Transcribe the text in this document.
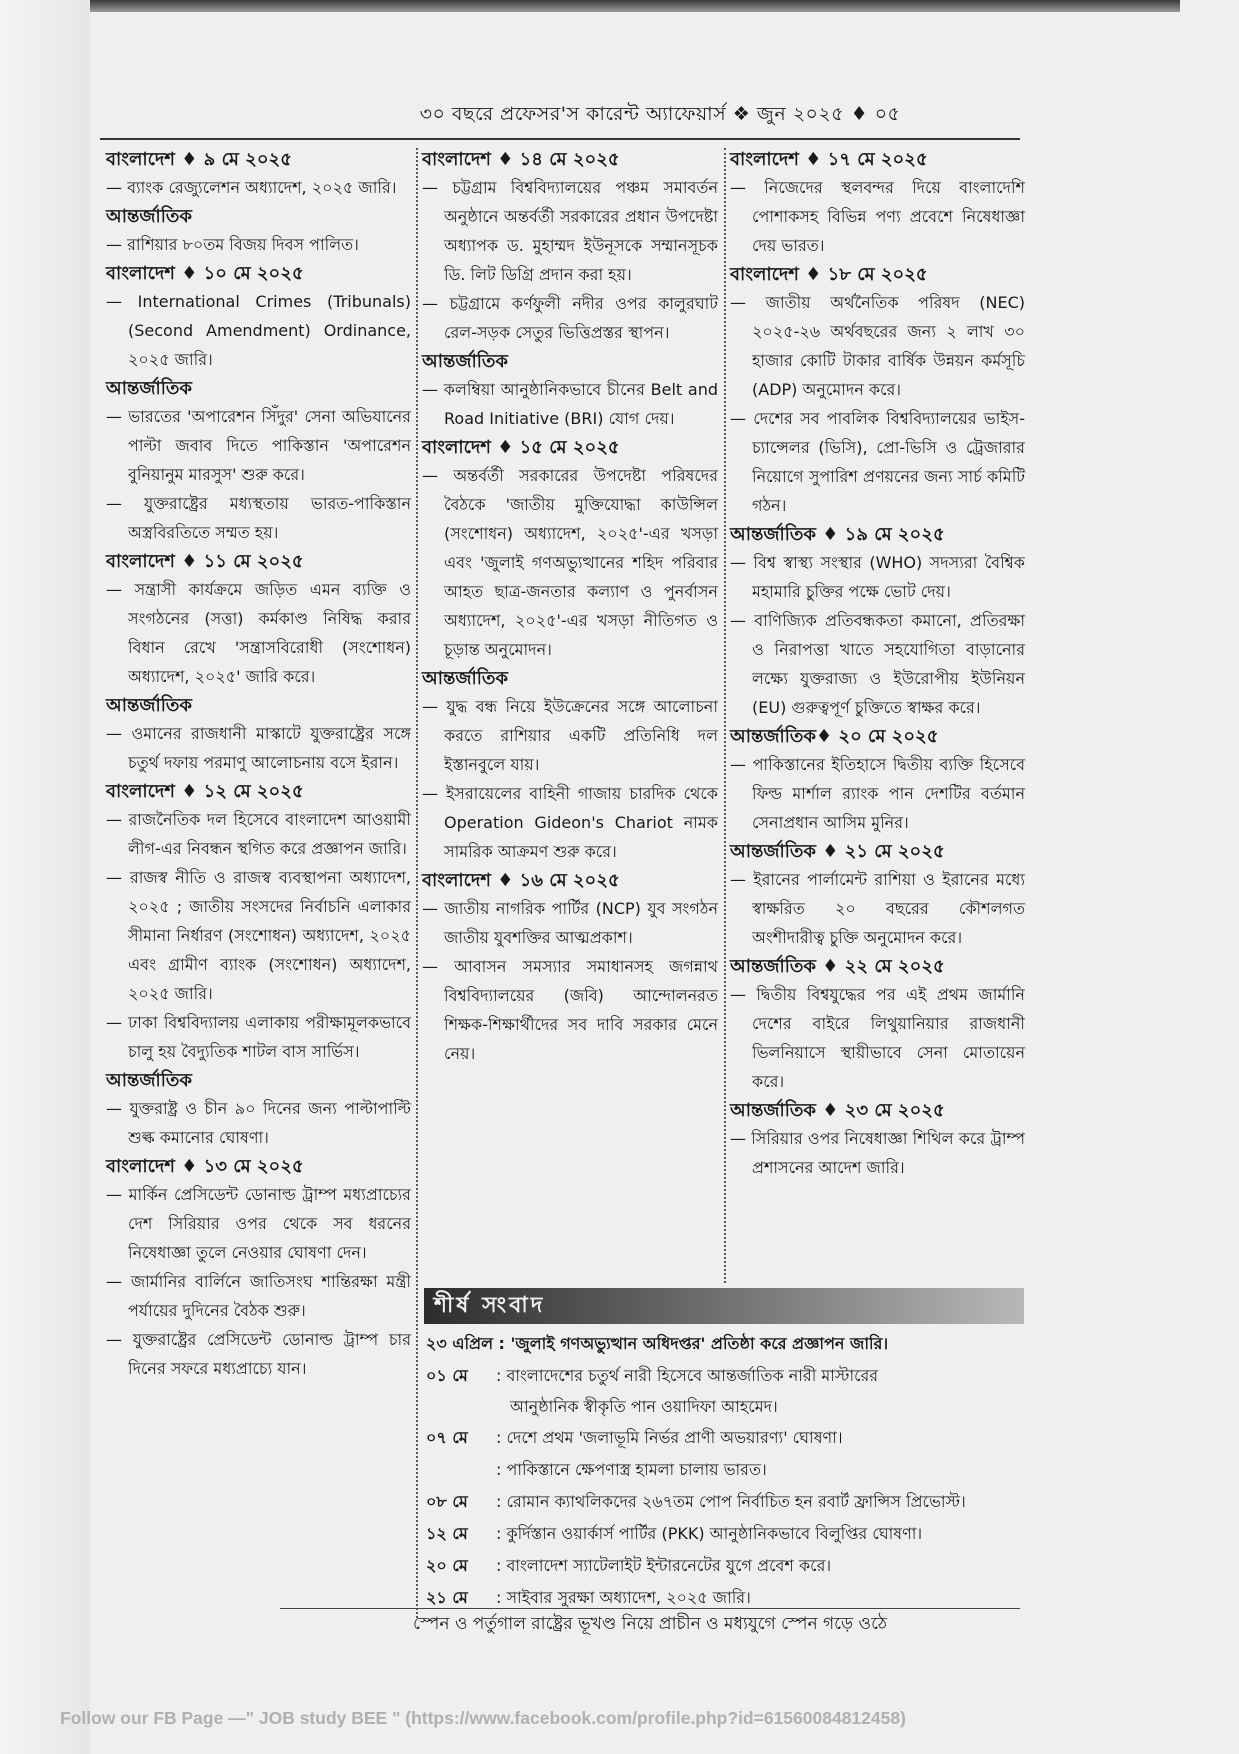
৩০ বছরে প্রফেসর'স কারেন্ট অ্যাফেয়ার্স ❖ জুন ২০২৫ ♦ ০৫
বাংলাদেশ ♦ ৯ মে ২০২৫
— ব্যাংক রেজ্যুলেশন অধ্যাদেশ, ২০২৫ জারি।
আন্তর্জাতিক
— রাশিয়ার ৮০তম বিজয় দিবস পালিত।
বাংলাদেশ ♦ ১০ মে ২০২৫
— International Crimes (Tribunals) (Second Amendment) Ordinance, ২০২৫ জারি।
আন্তর্জাতিক
— ভারতের 'অপারেশন সিঁদুর' সেনা অভিযানের পাল্টা জবাব দিতে পাকিস্তান 'অপারেশন বুনিয়ানুম মারসুস' শুরু করে।
— যুক্তরাষ্ট্রের মধ্যস্থতায় ভারত-পাকিস্তান অস্ত্রবিরতিতে সম্মত হয়।
বাংলাদেশ ♦ ১১ মে ২০২৫
— সন্ত্রাসী কার্যক্রমে জড়িত এমন ব্যক্তি ও সংগঠনের (সত্তা) কর্মকাণ্ড নিষিদ্ধ করার বিধান রেখে 'সন্ত্রাসবিরোধী (সংশোধন) অধ্যাদেশ, ২০২৫' জারি করে।
আন্তর্জাতিক
— ওমানের রাজধানী মাস্কাটে যুক্তরাষ্ট্রের সঙ্গে চতুর্থ দফায় পরমাণু আলোচনায় বসে ইরান।
বাংলাদেশ ♦ ১২ মে ২০২৫
— রাজনৈতিক দল হিসেবে বাংলাদেশ আওয়ামী লীগ-এর নিবন্ধন স্থগিত করে প্রজ্ঞাপন জারি।
— রাজস্ব নীতি ও রাজস্ব ব্যবস্থাপনা অধ্যাদেশ, ২০২৫ ; জাতীয় সংসদের নির্বাচনি এলাকার সীমানা নির্ধারণ (সংশোধন) অধ্যাদেশ, ২০২৫ এবং গ্রামীণ ব্যাংক (সংশোধন) অধ্যাদেশ, ২০২৫ জারি।
— ঢাকা বিশ্ববিদ্যালয় এলাকায় পরীক্ষামূলকভাবে চালু হয় বৈদ্যুতিক শাটল বাস সার্ভিস।
আন্তর্জাতিক
— যুক্তরাষ্ট্র ও চীন ৯০ দিনের জন্য পাল্টাপাল্টি শুল্ক কমানোর ঘোষণা।
বাংলাদেশ ♦ ১৩ মে ২০২৫
— মার্কিন প্রেসিডেন্ট ডোনাল্ড ট্রাম্প মধ্যপ্রাচ্যের দেশ সিরিয়ার ওপর থেকে সব ধরনের নিষেধাজ্ঞা তুলে নেওয়ার ঘোষণা দেন।
— জার্মানির বার্লিনে জাতিসংঘ শান্তিরক্ষা মন্ত্রী পর্যায়ের দুদিনের বৈঠক শুরু।
— যুক্তরাষ্ট্রের প্রেসিডেন্ট ডোনাল্ড ট্রাম্প চার দিনের সফরে মধ্যপ্রাচ্যে যান।
বাংলাদেশ ♦ ১৪ মে ২০২৫
— চট্টগ্রাম বিশ্ববিদ্যালয়ের পঞ্চম সমাবর্তন অনুষ্ঠানে অন্তর্বর্তী সরকারের প্রধান উপদেষ্টা অধ্যাপক ড. মুহাম্মদ ইউনূসকে সম্মানসূচক ডি. লিট ডিগ্রি প্রদান করা হয়।
— চট্টগ্রামে কর্ণফুলী নদীর ওপর কালুরঘাট রেল-সড়ক সেতুর ভিত্তিপ্রস্তর স্থাপন।
আন্তর্জাতিক
— কলম্বিয়া আনুষ্ঠানিকভাবে চীনের Belt and Road Initiative (BRI) যোগ দেয়।
বাংলাদেশ ♦ ১৫ মে ২০২৫
— অন্তর্বর্তী সরকারের উপদেষ্টা পরিষদের বৈঠকে 'জাতীয় মুক্তিযোদ্ধা কাউন্সিল (সংশোধন) অধ্যাদেশ, ২০২৫'-এর খসড়া এবং 'জুলাই গণঅভ্যুত্থানের শহিদ পরিবার আহত ছাত্র-জনতার কল্যাণ ও পুনর্বাসন অধ্যাদেশ, ২০২৫'-এর খসড়া নীতিগত ও চূড়ান্ত অনুমোদন।
আন্তর্জাতিক
— যুদ্ধ বন্ধ নিয়ে ইউক্রেনের সঙ্গে আলোচনা করতে রাশিয়ার একটি প্রতিনিধি দল ইস্তানবুলে যায়।
— ইসরায়েলের বাহিনী গাজায় চারদিক থেকে Operation Gideon's Chariot নামক সামরিক আক্রমণ শুরু করে।
বাংলাদেশ ♦ ১৬ মে ২০২৫
— জাতীয় নাগরিক পার্টির (NCP) যুব সংগঠন জাতীয় যুবশক্তির আত্মপ্রকাশ।
— আবাসন সমস্যার সমাধানসহ জগন্নাথ বিশ্ববিদ্যালয়ের (জবি) আন্দোলনরত শিক্ষক-শিক্ষার্থীদের সব দাবি সরকার মেনে নেয়।
বাংলাদেশ ♦ ১৭ মে ২০২৫
— নিজেদের স্থলবন্দর দিয়ে বাংলাদেশি পোশাকসহ বিভিন্ন পণ্য প্রবেশে নিষেধাজ্ঞা দেয় ভারত।
বাংলাদেশ ♦ ১৮ মে ২০২৫
— জাতীয় অর্থনৈতিক পরিষদ (NEC) ২০২৫-২৬ অর্থবছরের জন্য ২ লাখ ৩০ হাজার কোটি টাকার বার্ষিক উন্নয়ন কর্মসূচি (ADP) অনুমোদন করে।
— দেশের সব পাবলিক বিশ্ববিদ্যালয়ের ভাইস-চ্যান্সেলর (ভিসি), প্রো-ভিসি ও ট্রেজারার নিয়োগে সুপারিশ প্রণয়নের জন্য সার্চ কমিটি গঠন।
আন্তর্জাতিক ♦ ১৯ মে ২০২৫
— বিশ্ব স্বাস্থ্য সংস্থার (WHO) সদস্যরা বৈশ্বিক মহামারি চুক্তির পক্ষে ভোট দেয়।
— বাণিজ্যিক প্রতিবন্ধকতা কমানো, প্রতিরক্ষা ও নিরাপত্তা খাতে সহযোগিতা বাড়ানোর লক্ষ্যে যুক্তরাজ্য ও ইউরোপীয় ইউনিয়ন (EU) গুরুত্বপূর্ণ চুক্তিতে স্বাক্ষর করে।
আন্তর্জাতিক♦ ২০ মে ২০২৫
— পাকিস্তানের ইতিহাসে দ্বিতীয় ব্যক্তি হিসেবে ফিল্ড মার্শাল র‍্যাংক পান দেশটির বর্তমান সেনাপ্রধান আসিম মুনির।
আন্তর্জাতিক ♦ ২১ মে ২০২৫
— ইরানের পার্লামেন্ট রাশিয়া ও ইরানের মধ্যে স্বাক্ষরিত ২০ বছরের কৌশলগত অংশীদারীত্ব চুক্তি অনুমোদন করে।
আন্তর্জাতিক ♦ ২২ মে ২০২৫
— দ্বিতীয় বিশ্বযুদ্ধের পর এই প্রথম জার্মানি দেশের বাইরে লিথুয়ানিয়ার রাজধানী ভিলনিয়াসে স্থায়ীভাবে সেনা মোতায়েন করে।
আন্তর্জাতিক ♦ ২৩ মে ২০২৫
— সিরিয়ার ওপর নিষেধাজ্ঞা শিথিল করে ট্রাম্প প্রশাসনের আদেশ জারি।
শীর্ষ সংবাদ
২৩ এপ্রিল : 'জুলাই গণঅভ্যুত্থান অধিদপ্তর' প্রতিষ্ঠা করে প্রজ্ঞাপন জারি।
০১ মে	: বাংলাদেশের চতুর্থ নারী হিসেবে আন্তর্জাতিক নারী মাস্টারের
আনুষ্ঠানিক স্বীকৃতি পান ওয়াদিফা আহমেদ।
০৭ মে	: দেশে প্রথম 'জলাভূমি নির্ভর প্রাণী অভয়ারণ্য' ঘোষণা।
: পাকিস্তানে ক্ষেপণাস্ত্র হামলা চালায় ভারত।
০৮ মে	: রোমান ক্যাথলিকদের ২৬৭তম পোপ নির্বাচিত হন রবার্ট ফ্রান্সিস প্রিভোস্ট।
১২ মে	: কুর্দিস্তান ওয়ার্কার্স পার্টির (PKK) আনুষ্ঠানিকভাবে বিলুপ্তির ঘোষণা।
২০ মে	: বাংলাদেশ স্যাটেলাইট ইন্টারনেটের যুগে প্রবেশ করে।
২১ মে	: সাইবার সুরক্ষা অধ্যাদেশ, ২০২৫ জারি।
স্পেন ও পর্তুগাল রাষ্ট্রের ভূখণ্ড নিয়ে প্রাচীন ও মধ্যযুগে স্পেন গড়ে ওঠে
Follow our FB Page —" JOB study BEE " (https://www.facebook.com/profile.php?id=61560084812458)
